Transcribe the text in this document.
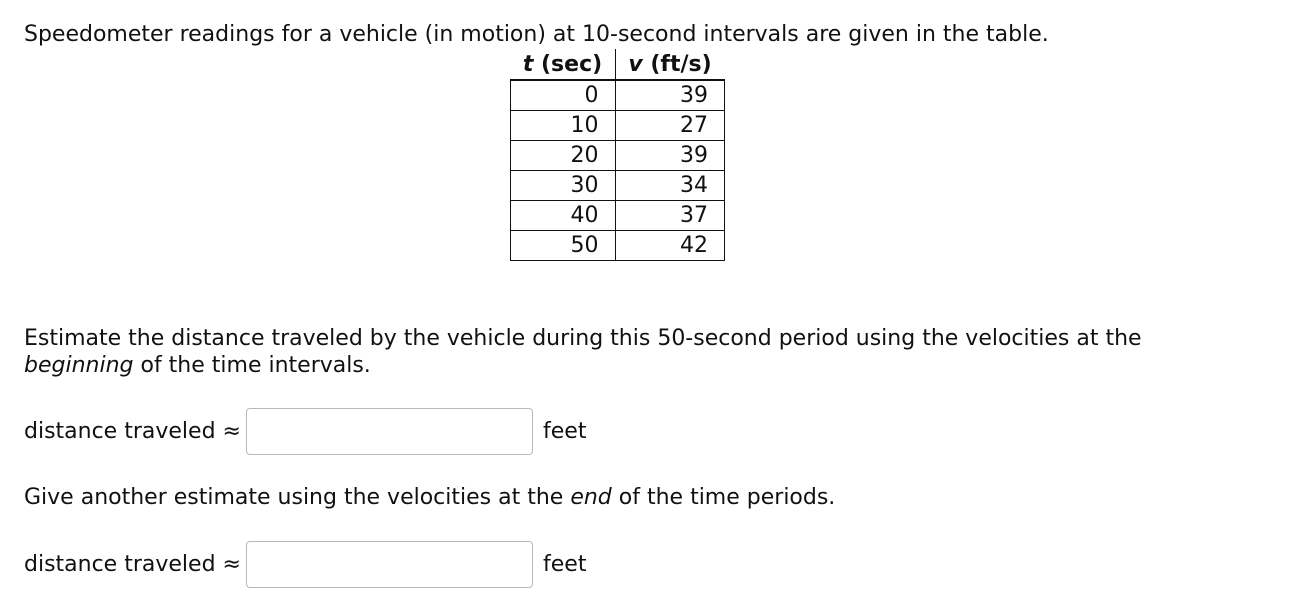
Speedometer readings for a vehicle (in motion) at 10-second intervals are given in the table.
t (sec)	v (ft/s)
0	39
10	27
20	39
30	34
40	37
50	42
Estimate the distance traveled by the vehicle during this 50-second period using the velocities at the
beginning of the time intervals.
distance traveled ≈	feet
Give another estimate using the velocities at the end of the time periods.
distance traveled ≈	feet
